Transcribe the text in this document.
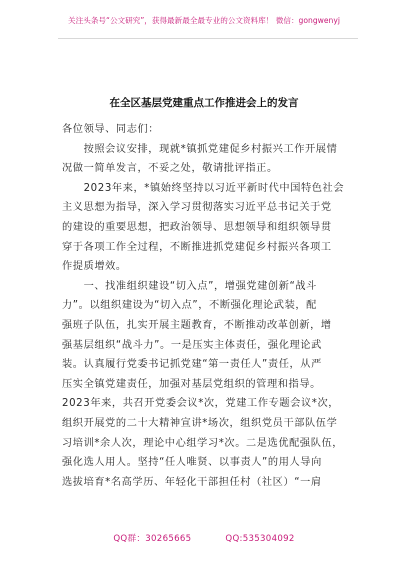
关注头条号“公文研究”，获得最新最全最专业的公文资料库！ 微信：gongwenyj
在全区基层党建重点工作推进会上的发言
各位领导、同志们：
　　按照会议安排，现就*镇抓党建促乡村振兴工作开展情
况做一简单发言，不妥之处，敬请批评指正。
　　2023年来，*镇始终坚持以习近平新时代中国特色社会
主义思想为指导，深入学习贯彻落实习近平总书记关于党
的建设的重要思想，把政治领导、思想领导和组织领导贯
穿于各项工作全过程，不断推进抓党建促乡村振兴各项工
作提质增效。
　　一、找准组织建设“切入点”，增强党建创新“战斗
力”。以组织建设为“切入点”，不断强化理论武装，配
强班子队伍，扎实开展主题教育，不断推动改革创新，增
强基层组织“战斗力”。一是压实主体责任，强化理论武
装。认真履行党委书记抓党建“第一责任人”责任，从严
压实全镇党建责任，加强对基层党组织的管理和指导。
2023年来，共召开党委会议*次，党建工作专题会议*次，
组织开展党的二十大精神宣讲*场次，组织党员干部队伍学
习培训*余人次，理论中心组学习*次。二是选优配强队伍，
强化选人用人。坚持“任人唯贤、以事责人”的用人导向
选拔培育*名高学历、年轻化干部担任村（社区）“一肩
QQ群：30265665	QQ:535304092
